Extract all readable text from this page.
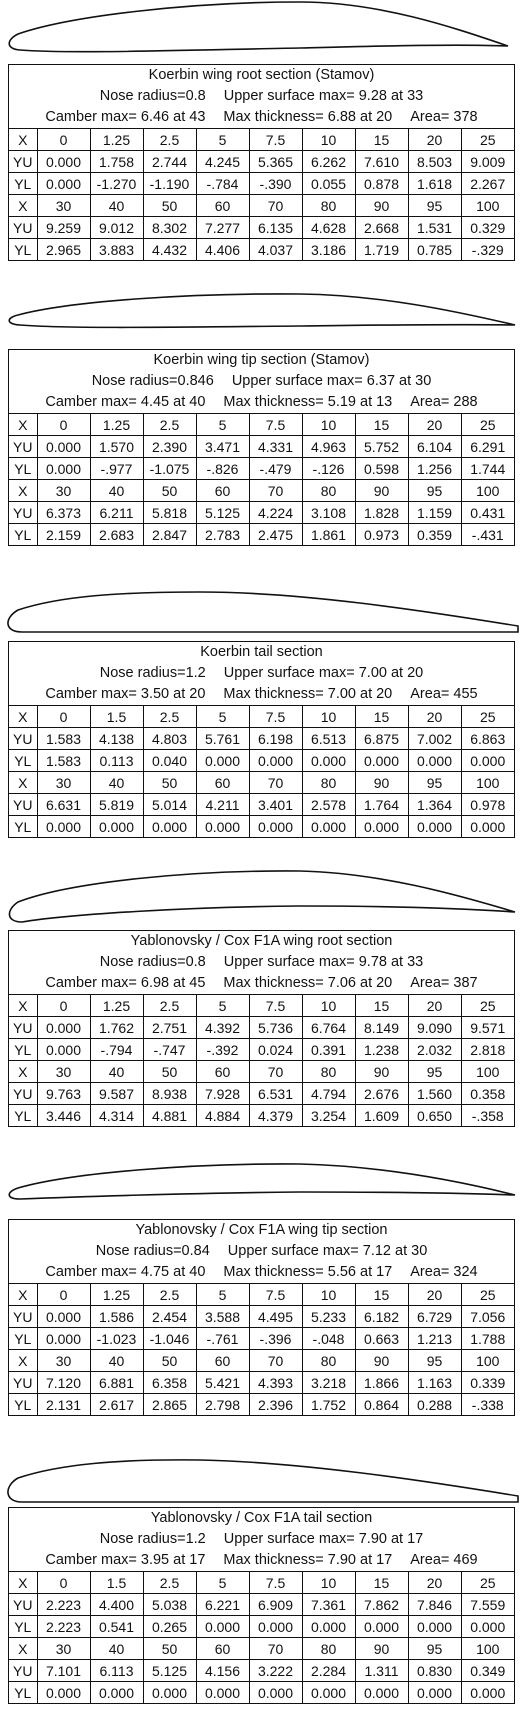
Koerbin wing root section (Stamov)
Nose radius=0.8 Upper surface max= 9.28 at 33
Camber max= 6.46 at 43 Max thickness= 6.88 at 20 Area= 378
X	0	1.25	2.5	5	7.5	10	15	20	25
YU	0.000	1.758	2.744	4.245	5.365	6.262	7.610	8.503	9.009
YL	0.000	-1.270	-1.190	-.784	-.390	0.055	0.878	1.618	2.267
X	30	40	50	60	70	80	90	95	100
YU	9.259	9.012	8.302	7.277	6.135	4.628	2.668	1.531	0.329
YL	2.965	3.883	4.432	4.406	4.037	3.186	1.719	0.785	-.329
Koerbin wing tip section (Stamov)
Nose radius=0.846 Upper surface max= 6.37 at 30
Camber max= 4.45 at 40 Max thickness= 5.19 at 13 Area= 288
X	0	1.25	2.5	5	7.5	10	15	20	25
YU	0.000	1.570	2.390	3.471	4.331	4.963	5.752	6.104	6.291
YL	0.000	-.977	-1.075	-.826	-.479	-.126	0.598	1.256	1.744
X	30	40	50	60	70	80	90	95	100
YU	6.373	6.211	5.818	5.125	4.224	3.108	1.828	1.159	0.431
YL	2.159	2.683	2.847	2.783	2.475	1.861	0.973	0.359	-.431
Koerbin tail section
Nose radius=1.2 Upper surface max= 7.00 at 20
Camber max= 3.50 at 20 Max thickness= 7.00 at 20 Area= 455
X	0	1.5	2.5	5	7.5	10	15	20	25
YU	1.583	4.138	4.803	5.761	6.198	6.513	6.875	7.002	6.863
YL	1.583	0.113	0.040	0.000	0.000	0.000	0.000	0.000	0.000
X	30	40	50	60	70	80	90	95	100
YU	6.631	5.819	5.014	4.211	3.401	2.578	1.764	1.364	0.978
YL	0.000	0.000	0.000	0.000	0.000	0.000	0.000	0.000	0.000
Yablonovsky / Cox F1A wing root section
Nose radius=0.8 Upper surface max= 9.78 at 33
Camber max= 6.98 at 45 Max thickness= 7.06 at 20 Area= 387
X	0	1.25	2.5	5	7.5	10	15	20	25
YU	0.000	1.762	2.751	4.392	5.736	6.764	8.149	9.090	9.571
YL	0.000	-.794	-.747	-.392	0.024	0.391	1.238	2.032	2.818
X	30	40	50	60	70	80	90	95	100
YU	9.763	9.587	8.938	7.928	6.531	4.794	2.676	1.560	0.358
YL	3.446	4.314	4.881	4.884	4.379	3.254	1.609	0.650	-.358
Yablonovsky / Cox F1A wing tip section
Nose radius=0.84 Upper surface max= 7.12 at 30
Camber max= 4.75 at 40 Max thickness= 5.56 at 17 Area= 324
X	0	1.25	2.5	5	7.5	10	15	20	25
YU	0.000	1.586	2.454	3.588	4.495	5.233	6.182	6.729	7.056
YL	0.000	-1.023	-1.046	-.761	-.396	-.048	0.663	1.213	1.788
X	30	40	50	60	70	80	90	95	100
YU	7.120	6.881	6.358	5.421	4.393	3.218	1.866	1.163	0.339
YL	2.131	2.617	2.865	2.798	2.396	1.752	0.864	0.288	-.338
Yablonovsky / Cox F1A tail section
Nose radius=1.2 Upper surface max= 7.90 at 17
Camber max= 3.95 at 17 Max thickness= 7.90 at 17 Area= 469
X	0	1.5	2.5	5	7.5	10	15	20	25
YU	2.223	4.400	5.038	6.221	6.909	7.361	7.862	7.846	7.559
YL	2.223	0.541	0.265	0.000	0.000	0.000	0.000	0.000	0.000
X	30	40	50	60	70	80	90	95	100
YU	7.101	6.113	5.125	4.156	3.222	2.284	1.311	0.830	0.349
YL	0.000	0.000	0.000	0.000	0.000	0.000	0.000	0.000	0.000
